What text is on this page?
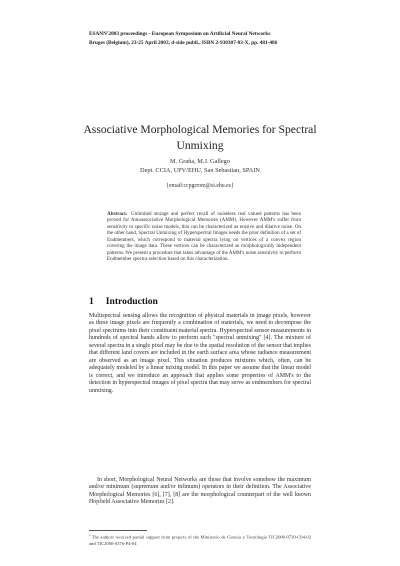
ESANN'2003 proceedings - European Symposium on Artificial Neural Networks
Bruges (Belgium), 23-25 April 2003, d-side publi., ISBN 2-930307-03-X, pp. 481-486
Associative Morphological Memories for Spectral Unmixing
M. Graña, M.J. Gallego
Dept. CCIA, UPV/EHU, San Sebastian, SPAIN
{email:ccpgrrom@si.ehu.es}
Abstract. Unlimited storage and perfect recall of noiseless real valued patterns has been proved for Autoassociative Morphological Memories (AMM). However AMM's suffer from sensitivity to specific noise models, that can be characterized as erosive and dilative noise. On the other hand, Spectral Unmixing of Hyperspectral Images needs the prior definition of a set of Endmembers, which correspond to material spectra lying on vertices of a convex region covering the image data. These vertices can be characterized as morphologically independent patterns. We present a procedure that takes advantage of the AMM's noise sensitivity to perform Endmember spectra selection based on this characterization.
1 Introduction
Multispectral sensing allows the recognition of physical materials in image pixels, however as these image pixels are frequently a combination of materials, we need to decompose the pixel spectrums into their constituent material spectra. Hyperspectral sensor measurements in hundreds of spectral bands allow to perform such "spectral unmixing" [4]. The mixture of several spectra in a single pixel may be due to the spatial resolution of the sensor that implies that different land covers are included in the earth surface area whose radiance measurement are observed as an image pixel. This situation produces mixtures which, often, can be adequately modeled by a linear mixing model. In this paper we assume that the linear model is correct, and we introduce an approach that applies some properties of AMM's to the detection in hyperspectral images of pixel spectra that may serve as endmembers for spectral unmixing.
In short, Morphological Neural Networks are those that involve somehow the maximum and/or minimum (supremum and/or infimum) operators in their definition. The Associative Morphological Memories [6], [7], [8] are the morphological counterpart of the well known Hopfield Associative Memories [2].
*The authors received partial support from projects of the Ministerio de Ciencia y Tecnologia TIC2000-0739-C04-02 and TIC2000-0376-P4-04
